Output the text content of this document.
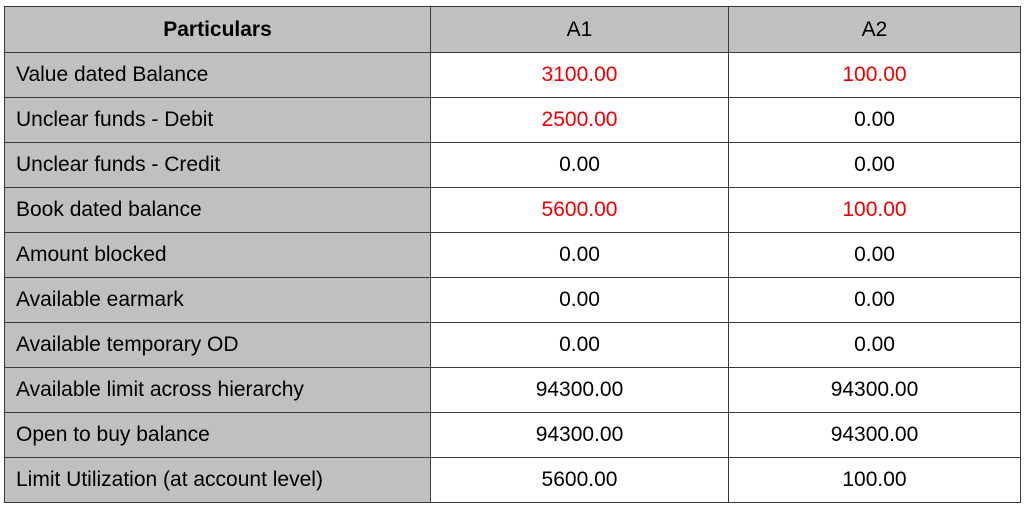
Particulars	A1	A2
Value dated Balance	3100.00	100.00
Unclear funds - Debit	2500.00	0.00
Unclear funds - Credit	0.00	0.00
Book dated balance	5600.00	100.00
Amount blocked	0.00	0.00
Available earmark	0.00	0.00
Available temporary OD	0.00	0.00
Available limit across hierarchy	94300.00	94300.00
Open to buy balance	94300.00	94300.00
Limit Utilization (at account level)	5600.00	100.00
